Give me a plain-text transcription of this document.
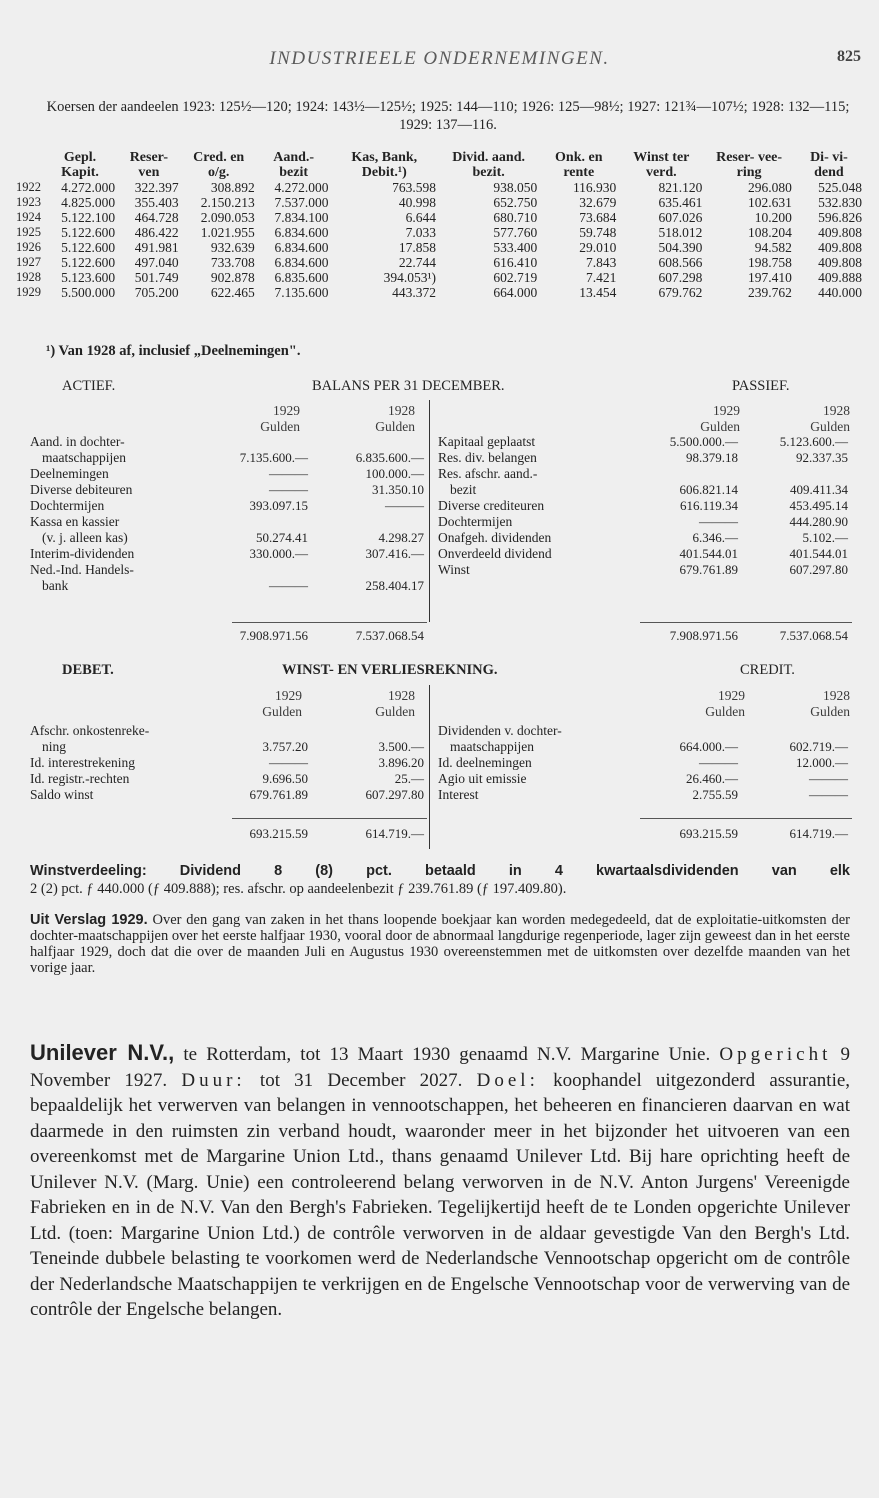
INDUSTRIEELE ONDERNEMINGEN.	825
Koersen der aandeelen 1923: 125½—120; 1924: 143½—125½; 1925: 144—110; 1926: 125—98½; 1927: 121¾—107½; 1928: 132—115; 1929: 137—116.
	Gepl. Kapit.	Reser- ven	Cred. en o/g.	Aand.- bezit	Kas, Bank, Debit.¹)	Divid. aand. bezit.	Onk. en rente	Winst ter verd.	Reser- vee- ring	Di- vi- dend
1922	4.272.000	322.397	308.892	4.272.000	763.598	938.050	116.930	821.120	296.080	525.048
1923	4.825.000	355.403	2.150.213	7.537.000	40.998	652.750	32.679	635.461	102.631	532.830
1924	5.122.100	464.728	2.090.053	7.834.100	6.644	680.710	73.684	607.026	10.200	596.826
1925	5.122.600	486.422	1.021.955	6.834.600	7.033	577.760	59.748	518.012	108.204	409.808
1926	5.122.600	491.981	932.639	6.834.600	17.858	533.400	29.010	504.390	94.582	409.808
1927	5.122.600	497.040	733.708	6.834.600	22.744	616.410	7.843	608.566	198.758	409.808
1928	5.123.600	501.749	902.878	6.835.600	394.053¹)	602.719	7.421	607.298	197.410	409.888
1929	5.500.000	705.200	622.465	7.135.600	443.372	664.000	13.454	679.762	239.762	440.000
¹) Van 1928 af, inclusief „Deelnemingen".
ACTIEF.	BALANS PER 31 DECEMBER.	PASSIEF.
1929
Gulden
1928
Gulden
1929
Gulden
1928
Gulden
Aand. in dochter-
maatschappijen	7.135.600.—	6.835.600.—
Deelnemingen	———	100.000.—
Diverse debiteuren	———	31.350.10
Dochtermijen	393.097.15	———
Kassa en kassier
(v. j. alleen kas)	50.274.41	4.298.27
Interim-dividenden	330.000.—	307.416.—
Ned.-Ind. Handels-
bank	———	258.404.17
Kapitaal geplaatst	5.500.000.—	5.123.600.—
Res. div. belangen	98.379.18	92.337.35
Res. afschr. aand.-
bezit	606.821.14	409.411.34
Diverse crediteuren	616.119.34	453.495.14
Dochtermijen	———	444.280.90
Onafgeh. dividenden	6.346.—	5.102.—
Onverdeeld dividend	401.544.01	401.544.01
Winst	679.761.89	607.297.80
7.908.971.56	7.537.068.54	7.908.971.56	7.537.068.54
DEBET.	WINST- EN VERLIESREKNING.	CREDIT.
1929
Gulden
1928
Gulden
1929
Gulden
1928
Gulden
Afschr. onkostenreke-
ning	3.757.20	3.500.—
Id. interestrekening	———	3.896.20
Id. registr.-rechten	9.696.50	25.—
Saldo winst	679.761.89	607.297.80
Dividenden v. dochter-
maatschappijen	664.000.—	602.719.—
Id. deelnemingen	———	12.000.—
Agio uit emissie	26.460.—	———
Interest	2.755.59	———
693.215.59	614.719.—	693.215.59	614.719.—

Winstverdeeling: Dividend 8 (8) pct. betaald in 4 kwartaalsdividenden van elk

2 (2) pct. ƒ 440.000 (ƒ 409.888); res. afschr. op aandeelenbezit ƒ 239.761.89 (ƒ 197.409.80).

Uit Verslag 1929. Over den gang van zaken in het thans loopende boekjaar kan worden medegedeeld, dat de exploitatie-uitkomsten der dochter-maatschappijen over het eerste halfjaar 1930, vooral door de abnormaal langdurige regenperiode, lager zijn geweest dan in het eerste halfjaar 1929, doch dat die over de maanden Juli en Augustus 1930 overeenstemmen met de uitkomsten over dezelfde maanden van het vorige jaar.
Unilever N.V., te Rotterdam, tot 13 Maart 1930 genaamd N.V. Margarine Unie. Opgericht 9 November 1927. Duur: tot 31 December 2027. Doel: koophandel uitgezonderd assurantie, bepaaldelijk het verwerven van belangen in vennootschappen, het beheeren en financieren daarvan en wat daarmede in den ruimsten zin verband houdt, waaronder meer in het bijzonder het uitvoeren van een overeenkomst met de Margarine Union Ltd., thans genaamd Unilever Ltd. Bij hare oprichting heeft de Unilever N.V. (Marg. Unie) een controleerend belang verworven in de N.V. Anton Jurgens' Vereenigde Fabrieken en in de N.V. Van den Bergh's Fabrieken. Tegelijkertijd heeft de te Londen opgerichte Unilever Ltd. (toen: Margarine Union Ltd.) de contrôle verworven in de aldaar gevestigde Van den Bergh's Ltd. Teneinde dubbele belasting te voorkomen werd de Nederlandsche Vennootschap opgericht om de contrôle der Nederlandsche Maatschappijen te verkrijgen en de Engelsche Vennootschap voor de verwerving van de contrôle der Engelsche belangen.
